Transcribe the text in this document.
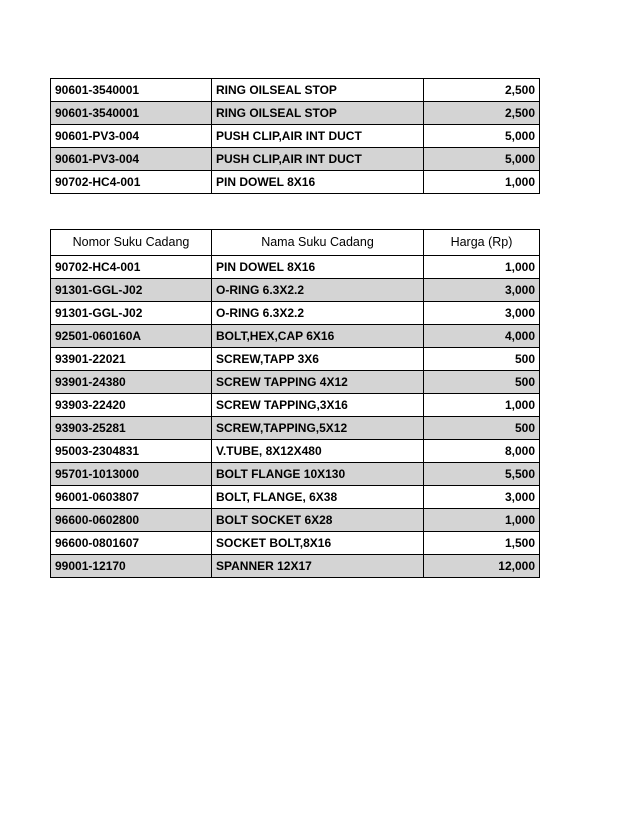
90601-3540001	RING OILSEAL STOP	2,500
90601-3540001	RING OILSEAL STOP	2,500
90601-PV3-004	PUSH CLIP,AIR INT DUCT	5,000
90601-PV3-004	PUSH CLIP,AIR INT DUCT	5,000
90702-HC4-001	PIN DOWEL 8X16	1,000
Nomor Suku Cadang	Nama Suku Cadang	Harga (Rp)
90702-HC4-001	PIN DOWEL 8X16	1,000
91301-GGL-J02	O-RING 6.3X2.2	3,000
91301-GGL-J02	O-RING 6.3X2.2	3,000
92501-060160A	BOLT,HEX,CAP 6X16	4,000
93901-22021	SCREW,TAPP 3X6	500
93901-24380	SCREW TAPPING 4X12	500
93903-22420	SCREW TAPPING,3X16	1,000
93903-25281	SCREW,TAPPING,5X12	500
95003-2304831	V.TUBE, 8X12X480	8,000
95701-1013000	BOLT FLANGE 10X130	5,500
96001-0603807	BOLT, FLANGE, 6X38	3,000
96600-0602800	BOLT SOCKET 6X28	1,000
96600-0801607	SOCKET BOLT,8X16	1,500
99001-12170	SPANNER 12X17	12,000
